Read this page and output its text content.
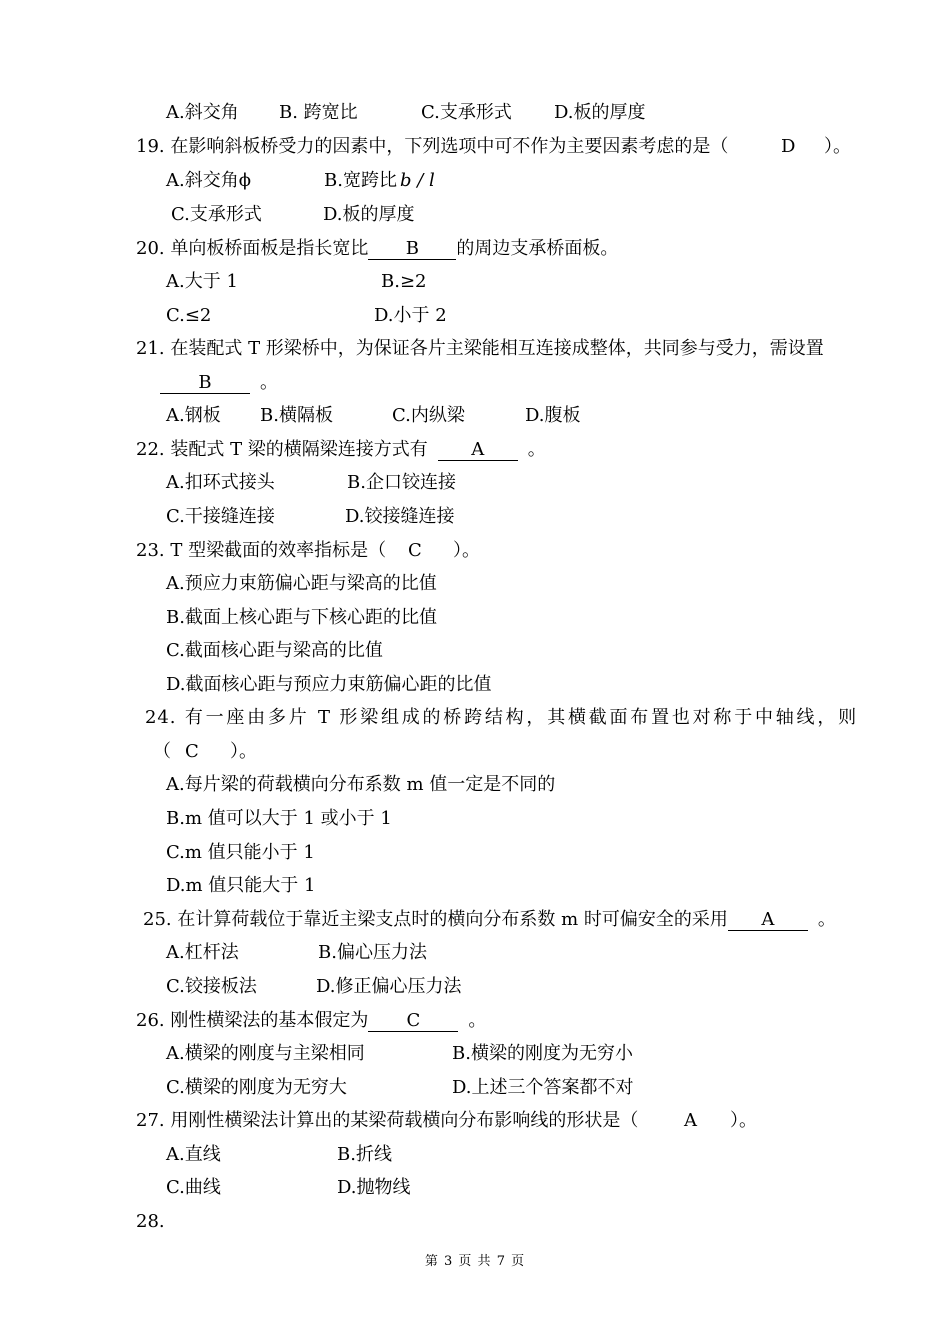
A.斜交角 B. 跨宽比	C.支承形式 D.板的厚度
19. 在影响斜板桥受力的因素中，下列选项中可不作为主要因素考虑的是（	D ）。
A.斜交角ϕ	B.宽跨比 b / l
C.支承形式	D.板的厚度
20. 单向板桥面板是指长宽比 B 的周边支承桥面板。
A.大于 1	B.≥2
C.≤2	D.小于 2
21. 在装配式 T 形梁桥中，为保证各片主梁能相互连接成整体，共同参与受力，需设置
B	。
A.钢板 B.横隔板	C.内纵梁	D.腹板
22. 装配式 T 梁的横隔梁连接方式有 A 。
A.扣环式接头	B.企口铰连接
C.干接缝连接	D.铰接缝连接
23. T 型梁截面的效率指标是（ C ）。
A.预应力束筋偏心距与梁高的比值
B.截面上核心距与下核心距的比值
C.截面核心距与梁高的比值
D.截面核心距与预应力束筋偏心距的比值
24. 有一座由多片 T 形梁组成的桥跨结构，其横截面布置也对称于中轴线，则
（ C ）。
A.每片梁的荷载横向分布系数 m 值一定是不同的
B.m 值可以大于 1 或小于 1
C.m 值只能小于 1
D.m 值只能大于 1
25. 在计算荷载位于靠近主梁支点时的横向分布系数 m 时可偏安全的采用 A 。
A.杠杆法	B.偏心压力法
C.铰接板法	D.修正偏心压力法
26. 刚性横梁法的基本假定为 C	。
A.横梁的刚度与主梁相同	B.横梁的刚度为无穷小
C.横梁的刚度为无穷大	D.上述三个答案都不对
27. 用刚性横梁法计算出的某梁荷载横向分布影响线的形状是（	A ）。
A.直线	B.折线
C.曲线	D.抛物线
28.
第 3 页 共 7 页
